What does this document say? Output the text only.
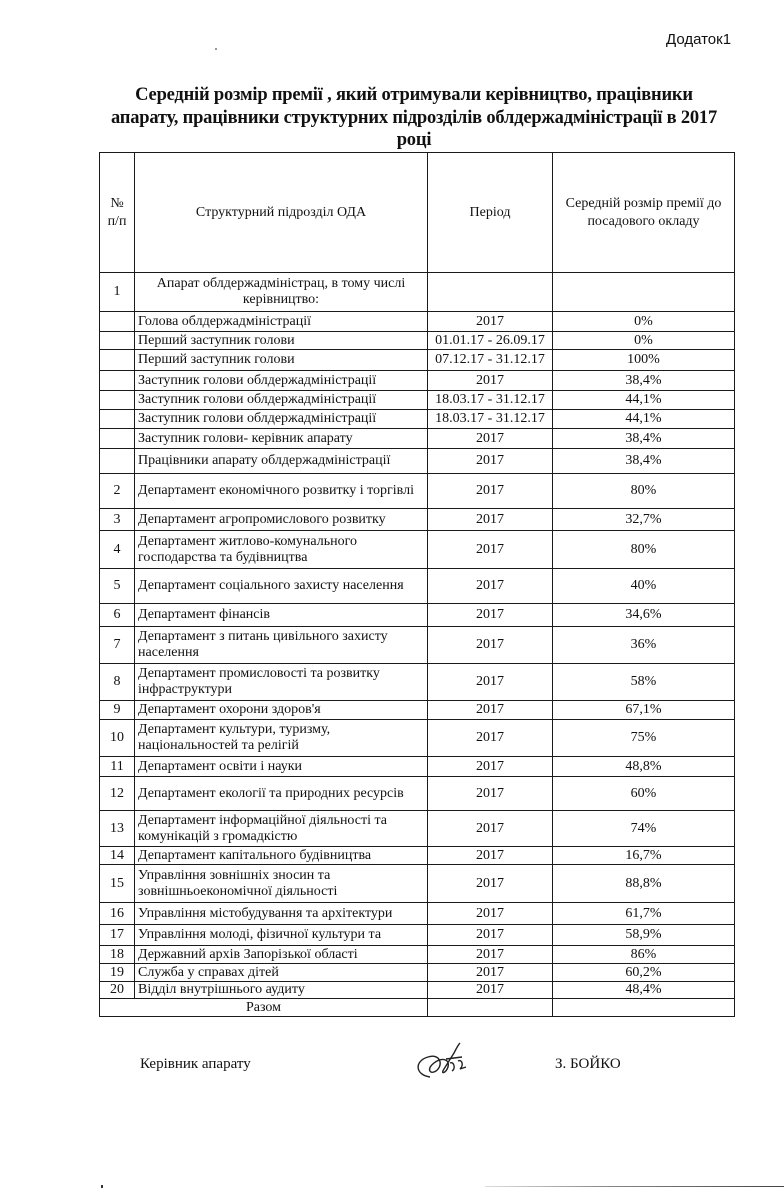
Додаток1
Середній розмір премії , який отримували керівництво, працівники апарату, працівники структурних підрозділів облдержадміністрації в 2017 році
№ п/п	Структурний підрозділ ОДА	Період	Середній розмір премії до посадового окладу
1	Апарат облдержадміністрац, в тому числі керівництво:		
	Голова облдержадміністрації	2017	0%
	Перший заступник голови	01.01.17 - 26.09.17	0%
	Перший заступник голови	07.12.17 - 31.12.17	100%
	Заступник голови облдержадміністрації	2017	38,4%
	Заступник голови облдержадміністрації	18.03.17 - 31.12.17	44,1%
	Заступник голови облдержадміністрації	18.03.17 - 31.12.17	44,1%
	Заступник голови- керівник апарату	2017	38,4%
	Працівники апарату облдержадміністрації	2017	38,4%
2	Департамент економічного розвитку і торгівлі	2017	80%
3	Департамент агропромислового розвитку	2017	32,7%
4	Департамент житлово-комунального господарства та будівництва	2017	80%
5	Департамент соціального захисту населення	2017	40%
6	Департамент фінансів	2017	34,6%
7	Департамент з питань цивільного захисту населення	2017	36%
8	Департамент промисловості та розвитку інфраструктури	2017	58%
9	Департамент охорони здоров'я	2017	67,1%
10	Департамент культури, туризму, національностей та релігій	2017	75%
11	Департамент освіти і науки	2017	48,8%
12	Департамент екології та природних ресурсів	2017	60%
13	Департамент інформаційної діяльності та комунікацій з громадкістю	2017	74%
14	Департамент капітального будівництва	2017	16,7%
15	Управління зовнішніх зносин та зовнішньоекономічної діяльності	2017	88,8%
16	Управління містобудування та архітектури	2017	61,7%
17	Управління молоді, фізичної культури та	2017	58,9%
18	Державний архів Запорізької області	2017	86%
19	Служба у справах дітей	2017	60,2%
20	Відділ внутрішнього аудиту	2017	48,4%
Разом			
Керівник апарату	З. БОЙКО
